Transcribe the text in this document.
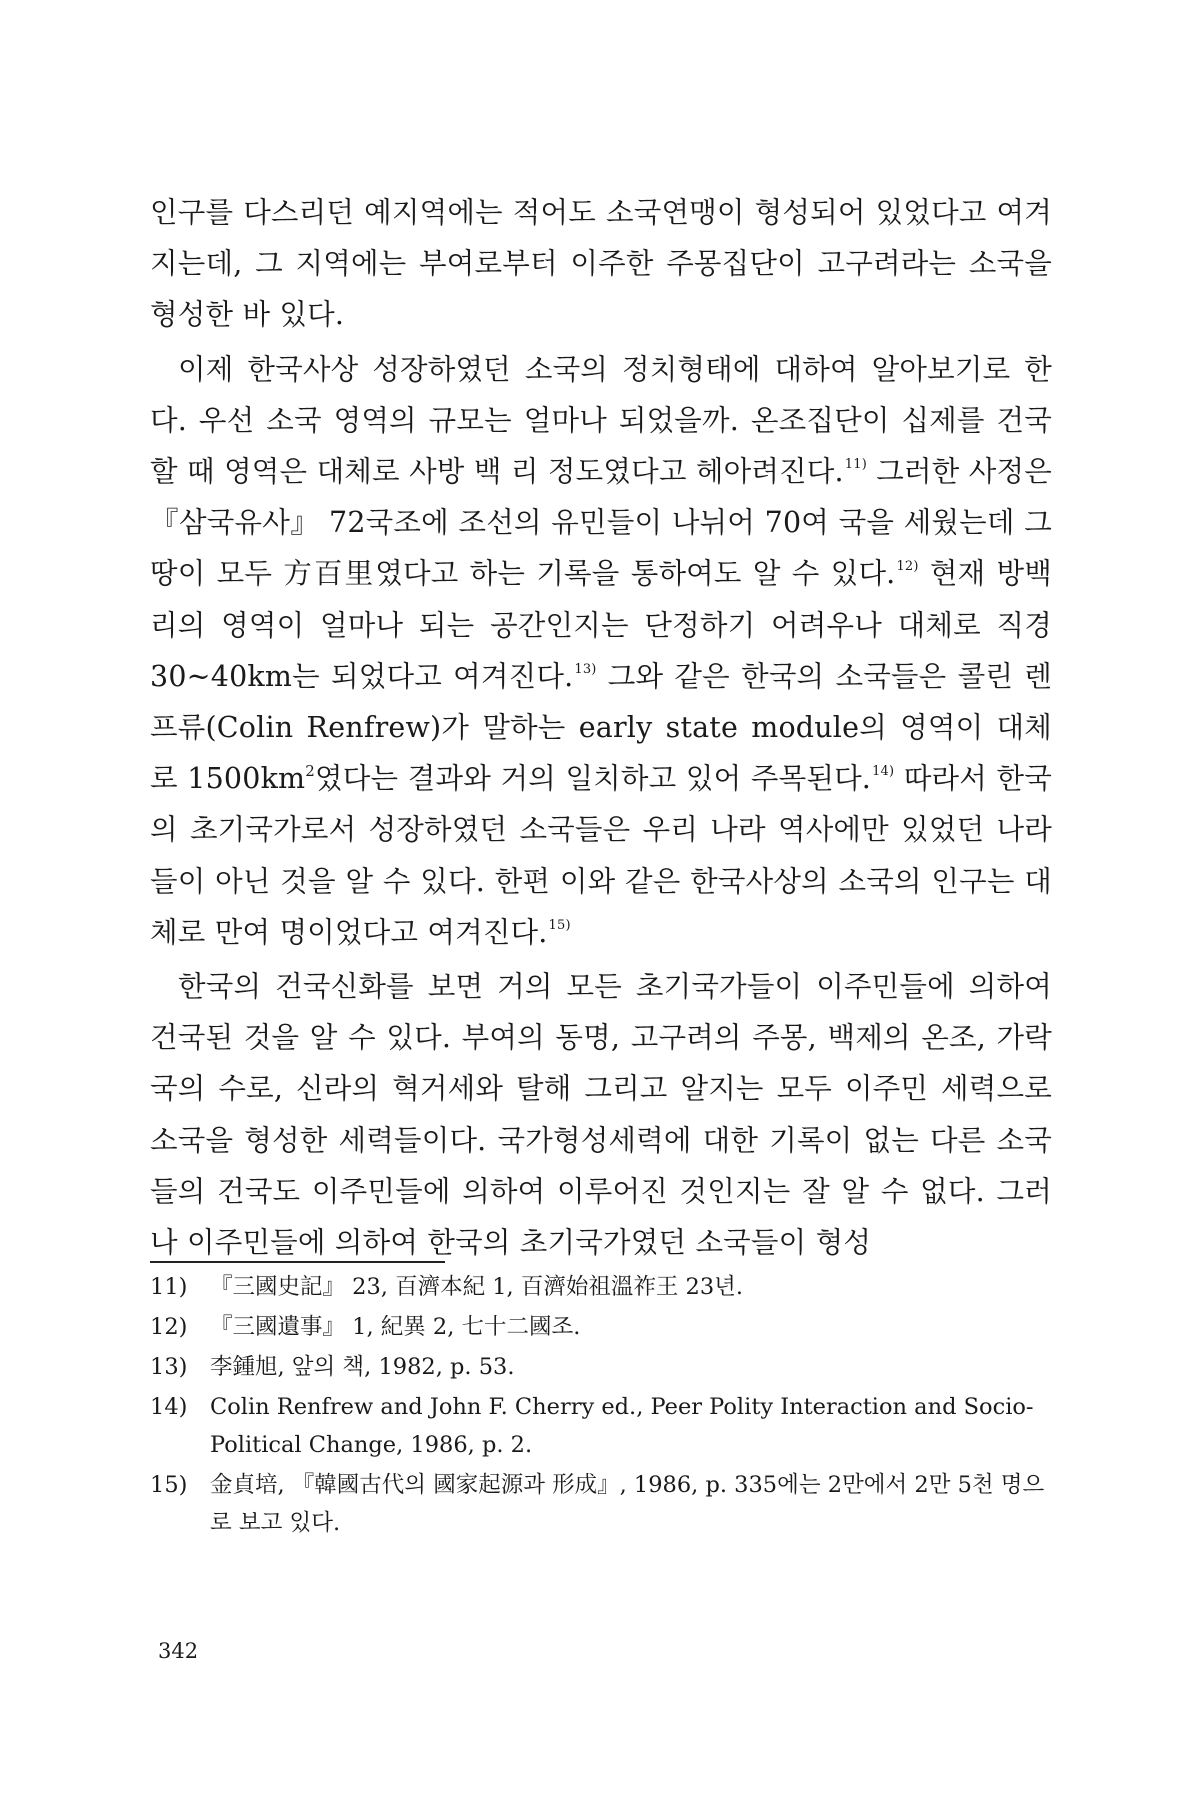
인구를 다스리던 예지역에는 적어도 소국연맹이 형성되어 있었다고 여겨지는데, 그 지역에는 부여로부터 이주한 주몽집단이 고구려라는 소국을 형성한 바 있다.

이제 한국사상 성장하였던 소국의 정치형태에 대하여 알아보기로 한다. 우선 소국 영역의 규모는 얼마나 되었을까. 온조집단이 십제를 건국할 때 영역은 대체로 사방 백 리 정도였다고 헤아려진다.$^{11)}$ 그러한 사정은 『삼국유사』 72국조에 조선의 유민들이 나뉘어 70여 국을 세웠는데 그 땅이 모두 方百里였다고 하는 기록을 통하여도 알 수 있다.$^{12)}$ 현재 방백리의 영역이 얼마나 되는 공간인지는 단정하기 어려우나 대체로 직경 30~40km는 되었다고 여겨진다.$^{13)}$ 그와 같은 한국의 소국들은 콜린 렌프류(Colin Renfrew)가 말하는 early state module의 영역이 대체로 $1500km^2$였다는 결과와 거의 일치하고 있어 주목된다.$^{14)}$ 따라서 한국의 초기국가로서 성장하였던 소국들은 우리 나라 역사에만 있었던 나라들이 아닌 것을 알 수 있다. 한편 이와 같은 한국사상의 소국의 인구는 대체로 만여 명이었다고 여겨진다.$^{15)}$

한국의 건국신화를 보면 거의 모든 초기국가들이 이주민들에 의하여 건국된 것을 알 수 있다. 부여의 동명, 고구려의 주몽, 백제의 온조, 가락국의 수로, 신라의 혁거세와 탈해 그리고 알지는 모두 이주민 세력으로 소국을 형성한 세력들이다. 국가형성세력에 대한 기록이 없는 다른 소국들의 건국도 이주민들에 의하여 이루어진 것인지는 잘 알 수 없다. 그러나 이주민들에 의하여 한국의 초기국가였던 소국들이 형성

11) 『三國史記』 23, 百濟本紀 1, 百濟始祖溫祚王 23년.
12) 『三國遺事』 1, 紀異 2, 七十二國조.
13) 李鍾旭, 앞의 책, 1982, p. 53.
14) Colin Renfrew and John F. Cherry ed., Peer Polity Interaction and Socio-Political Change, 1986, p. 2.
15) 金貞培, 『韓國古代의 國家起源과 形成』, 1986, p. 335에는 2만에서 2만 5천 명으로 보고 있다.
342
